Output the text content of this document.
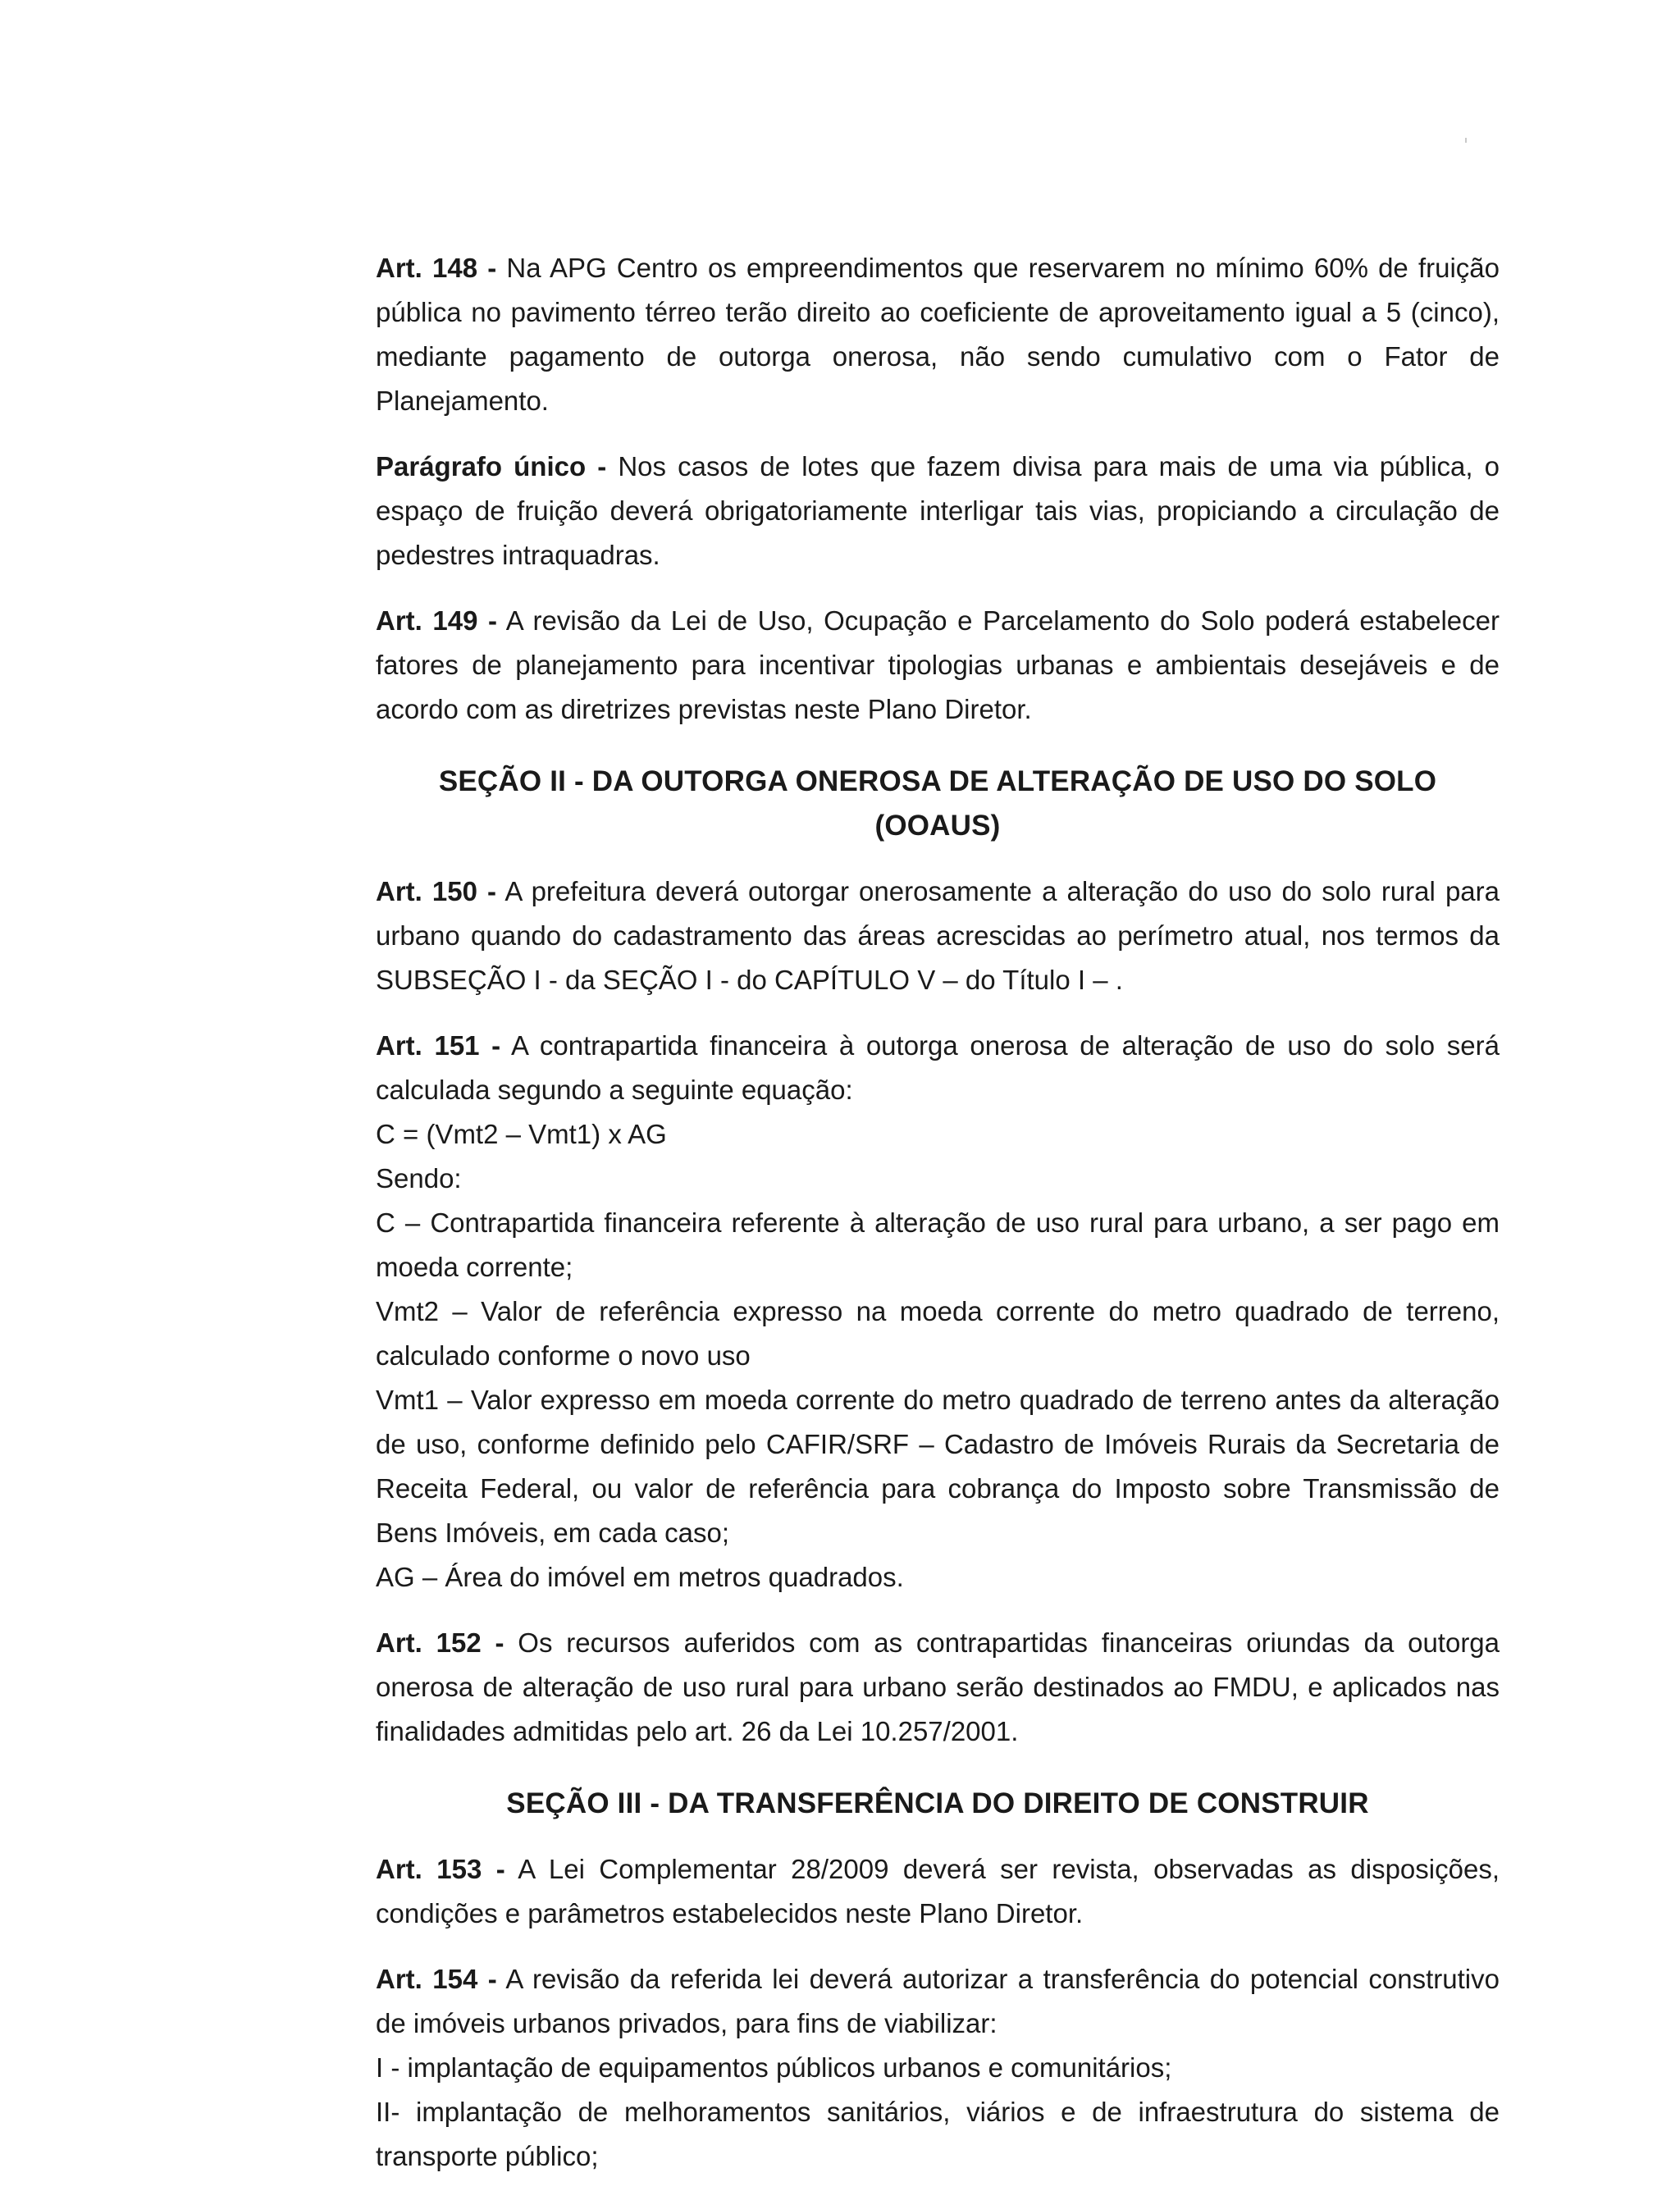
Art. 148 - Na APG Centro os empreendimentos que reservarem no mínimo 60% de fruição pública no pavimento térreo terão direito ao coeficiente de aproveitamento igual a 5 (cinco), mediante pagamento de outorga onerosa, não sendo cumulativo com o Fator de Planejamento.

Parágrafo único - Nos casos de lotes que fazem divisa para mais de uma via pública, o espaço de fruição deverá obrigatoriamente interligar tais vias, propiciando a circulação de pedestres intraquadras.

Art. 149 - A revisão da Lei de Uso, Ocupação e Parcelamento do Solo poderá estabelecer fatores de planejamento para incentivar tipologias urbanas e ambientais desejáveis e de acordo com as diretrizes previstas neste Plano Diretor.

SEÇÃO II - DA OUTORGA ONEROSA DE ALTERAÇÃO DE USO DO SOLO (OOAUS)

Art. 150 - A prefeitura deverá outorgar onerosamente a alteração do uso do solo rural para urbano quando do cadastramento das áreas acrescidas ao perímetro atual, nos termos da SUBSEÇÃO I - da SEÇÃO I - do CAPÍTULO V – do Título I – .

Art. 151 - A contrapartida financeira à outorga onerosa de alteração de uso do solo será calculada segundo a seguinte equação:

C = (Vmt2 – Vmt1) x AG

Sendo:

C – Contrapartida financeira referente à alteração de uso rural para urbano, a ser pago em moeda corrente;

Vmt2 – Valor de referência expresso na moeda corrente do metro quadrado de terreno, calculado conforme o novo uso

Vmt1 – Valor expresso em moeda corrente do metro quadrado de terreno antes da alteração de uso, conforme definido pelo CAFIR/SRF – Cadastro de Imóveis Rurais da Secretaria de Receita Federal, ou valor de referência para cobrança do Imposto sobre Transmissão de Bens Imóveis, em cada caso;

AG – Área do imóvel em metros quadrados.

Art. 152 - Os recursos auferidos com as contrapartidas financeiras oriundas da outorga onerosa de alteração de uso rural para urbano serão destinados ao FMDU, e aplicados nas finalidades admitidas pelo art. 26 da Lei 10.257/2001.

SEÇÃO III - DA TRANSFERÊNCIA DO DIREITO DE CONSTRUIR

Art. 153 - A Lei Complementar 28/2009 deverá ser revista, observadas as disposições, condições e parâmetros estabelecidos neste Plano Diretor.

Art. 154 - A revisão da referida lei deverá autorizar a transferência do potencial construtivo de imóveis urbanos privados, para fins de viabilizar:

I - implantação de equipamentos públicos urbanos e comunitários;

II- implantação de melhoramentos sanitários, viários e de infraestrutura do sistema de transporte público;
